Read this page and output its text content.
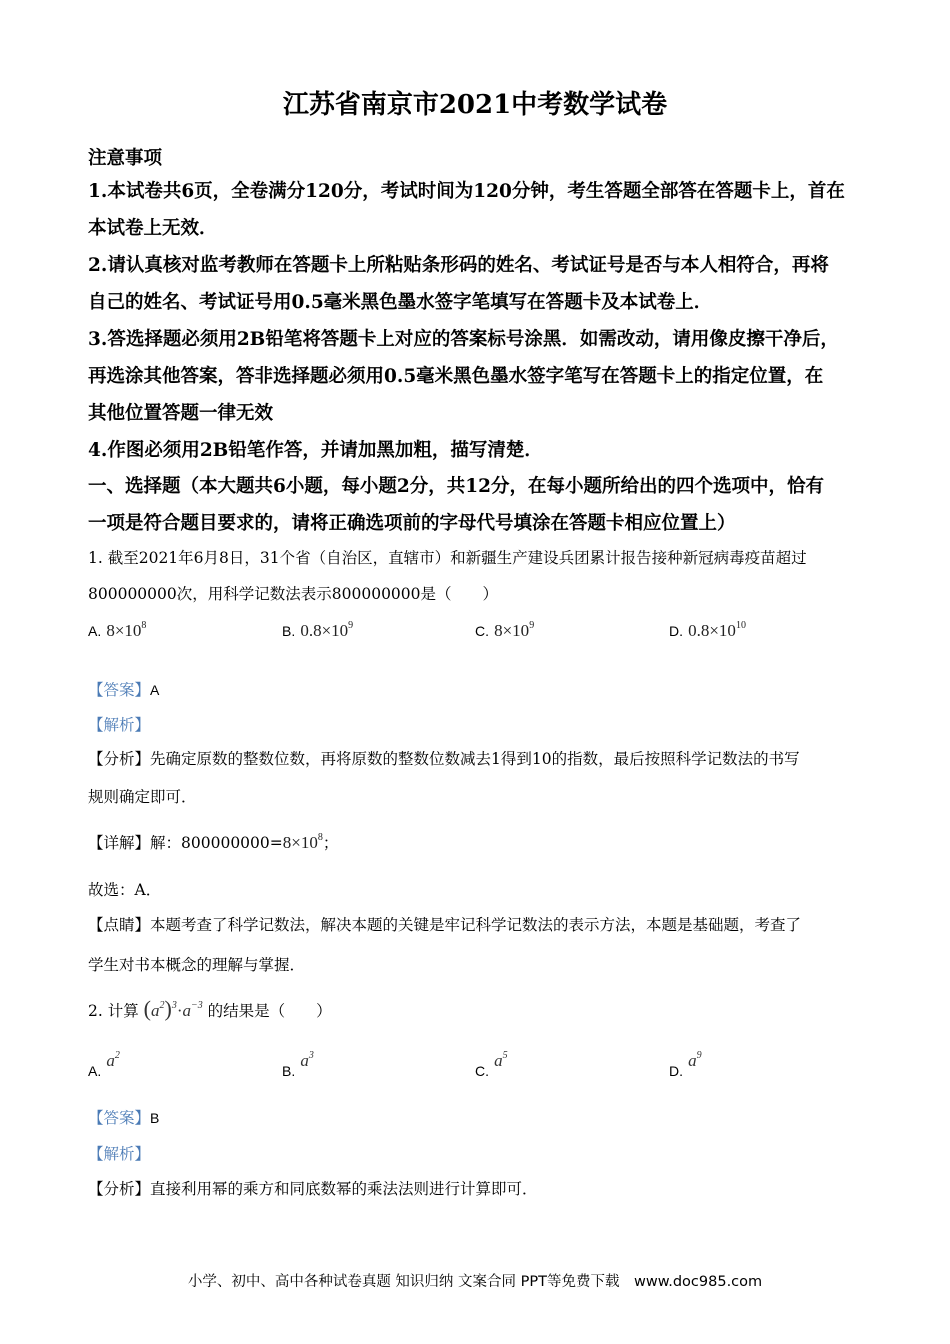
江苏省南京市2021中考数学试卷
注意事项
1.本试卷共6页，全卷满分120分，考试时间为120分钟，考生答题全部答在答题卡上，首在
本试卷上无效．
2.请认真核对监考教师在答题卡上所粘贴条形码的姓名、考试证号是否与本人相符合，再将
自己的姓名、考试证号用0.5毫米黑色墨水签字笔填写在答题卡及本试卷上．
3.答选择题必须用2B铅笔将答题卡上对应的答案标号涂黑．如需改动，请用像皮擦干净后，
再选涂其他答案，答非选择题必须用0.5毫米黑色墨水签字笔写在答题卡上的指定位置，在
其他位置答题一律无效
4.作图必须用2B铅笔作答，并请加黑加粗，描写清楚．
一、选择题（本大题共6小题，每小题2分，共12分，在每小题所给出的四个选项中，恰有
一项是符合题目要求的，请将正确选项前的字母代号填涂在答题卡相应位置上）
1. 截至2021年6月8日，31个省（自治区，直辖市）和新疆生产建设兵团累计报告接种新冠病毒疫苗超过
800000000次，用科学记数法表示800000000是（　　）
A. $8\times 10^8$	B. $0.8\times 10^9$	C. $8\times 10^9$	D. $0.8\times 10^{10}$
【答案】A
【解析】
【分析】先确定原数的整数位数，再将原数的整数位数减去1得到10的指数，最后按照科学记数法的书写
规则确定即可．
【详解】解：$800000000=8\times 10^8$；
故选：A．
【点睛】本题考查了科学记数法，解决本题的关键是牢记科学记数法的表示方法，本题是基础题，考查了
学生对书本概念的理解与掌握．
2. 计算 $(a^2)^3\cdot a^{-3}$ 的结果是（　　）
A. $a^2$
B. $a^3$
C. $a^5$
D. $a^9$
【答案】B
【解析】
【分析】直接利用幂的乘方和同底数幂的乘法法则进行计算即可．
小学、初中、高中各种试卷真题 知识归纳 文案合同 PPT等免费下载　www.doc985.com
